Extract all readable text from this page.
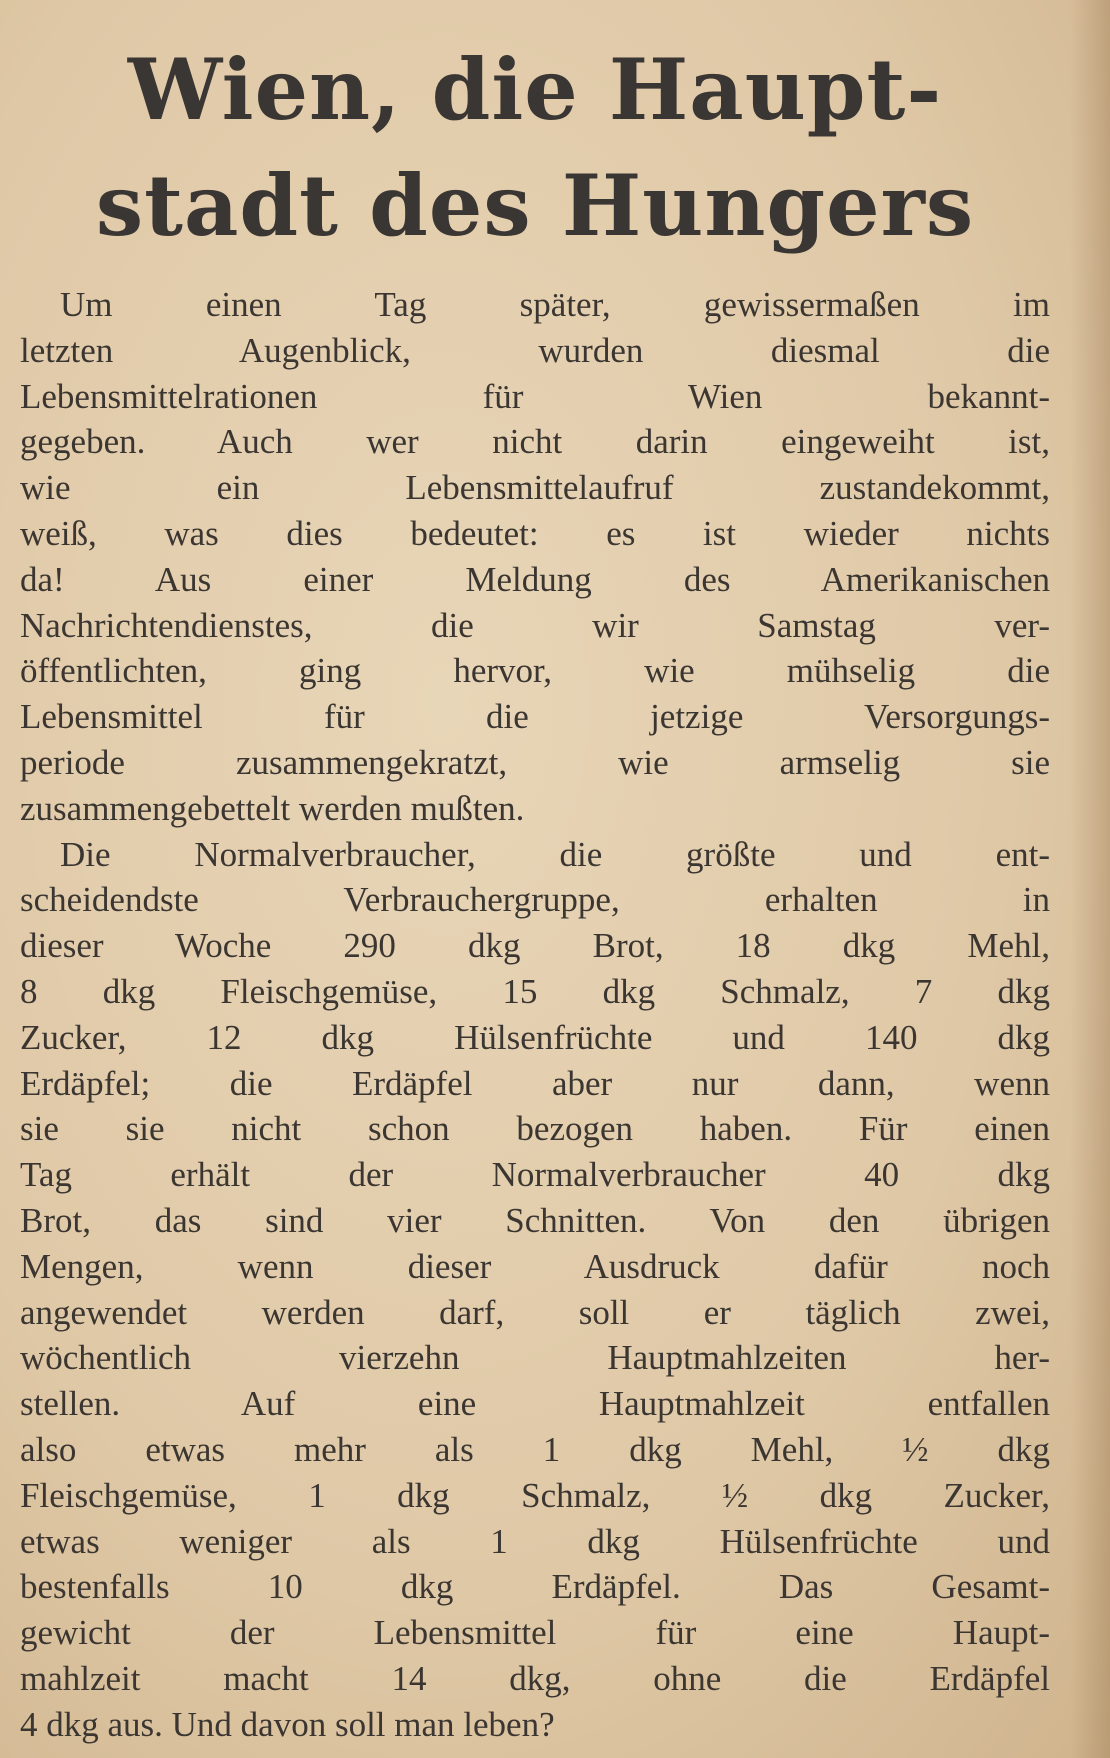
Wien, die Haupt-
stadt des Hungers
Um einen Tag später, gewissermaßen im
letzten Augenblick, wurden diesmal die
Lebensmittelrationen für Wien bekannt-
gegeben. Auch wer nicht darin eingeweiht ist,
wie ein Lebensmittelaufruf zustandekommt,
weiß, was dies bedeutet: es ist wieder nichts
da! Aus einer Meldung des Amerikanischen
Nachrichtendienstes, die wir Samstag ver-
öffentlichten, ging hervor, wie mühselig die
Lebensmittel für die jetzige Versorgungs-
periode zusammengekratzt, wie armselig sie
zusammengebettelt werden mußten.
Die Normalverbraucher, die größte und ent-
scheidendste Verbrauchergruppe, erhalten in
dieser Woche 290 dkg Brot, 18 dkg Mehl,
8 dkg Fleischgemüse, 15 dkg Schmalz, 7 dkg
Zucker, 12 dkg Hülsenfrüchte und 140 dkg
Erdäpfel; die Erdäpfel aber nur dann, wenn
sie sie nicht schon bezogen haben. Für einen
Tag erhält der Normalverbraucher 40 dkg
Brot, das sind vier Schnitten. Von den übrigen
Mengen, wenn dieser Ausdruck dafür noch
angewendet werden darf, soll er täglich zwei,
wöchentlich vierzehn Hauptmahlzeiten her-
stellen. Auf eine Hauptmahlzeit entfallen
also etwas mehr als 1 dkg Mehl, ½ dkg
Fleischgemüse, 1 dkg Schmalz, ½ dkg Zucker,
etwas weniger als 1 dkg Hülsenfrüchte und
bestenfalls 10 dkg Erdäpfel. Das Gesamt-
gewicht der Lebensmittel für eine Haupt-
mahlzeit macht 14 dkg, ohne die Erdäpfel
4 dkg aus. Und davon soll man leben?
